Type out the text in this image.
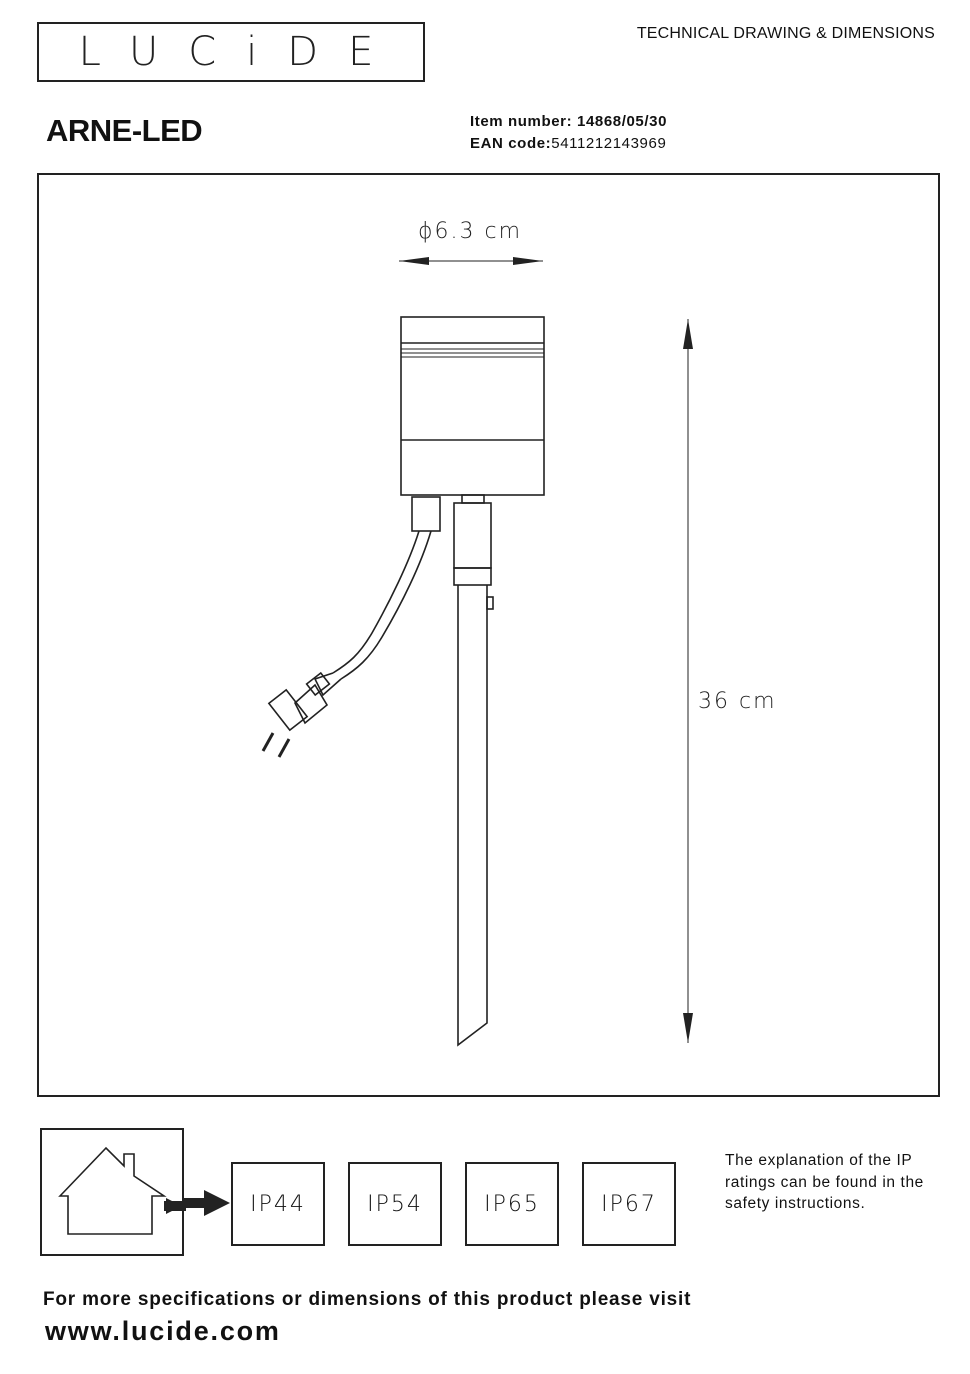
LUCiDE	TECHNICAL DRAWING & DIMENSIONS
ARNE-LED	Item number: 14868/05/30
EAN code:5411212143969
ϕ6.3 cm
36 cm
IP44	IP54	IP65	IP67
The explanation of the IP ratings can be found in the safety instructions.
For more specifications or dimensions of this product please visit
www.lucide.com
